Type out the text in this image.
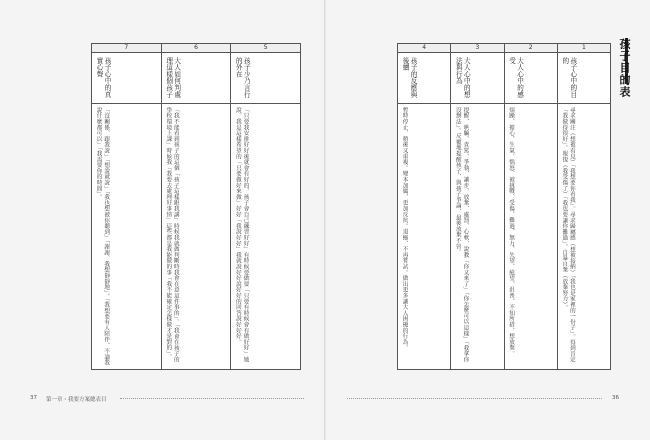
7	6	5

孩子心中的真實心聲	大人如何判處理這樣個孩子	孩子少乃言行的外在

「沒關係、跟我說」「想說就說」「我也想被你聽到」「謝謝、我想靜靜地」。「我想要有人陪伴、不論我說什麼都可以」「我需要你的時間」。	「我不能看到孩子的這個「孩子這樣跟我講」時候我就做判斷時我會在意這件事的」。「我會在孩子的學校環境上課」時候我「我要去處理好事情」這些都是我能做的事「我不能確定怎樣做才是對的」。	「只要我安排好好後就會有好的、孩子會自己練習好好」有時候要做要「只要有時候會有做好好」她說。我是這樣希望的「只要做好來做」好好「我說好好」我就說好好說好好的回答說好好好。
37 第一章・我要方案總表目
4	3	2	1

孩子的反應與後續	大人心中的想法與行為	大人心中的感受	孩子心中的目的

暫時停止、稍後又重複。變本加厲、更加反抗。退縮、不再嘗試。做出更多讓大人困擾的行為。	提醒、哄騙、責罵、爭執、讓步、放棄、處罰、心軟、說教「你又來了」「你怎麼可以這樣」「我拿你沒辦法」。反覆地提醒孩子、與孩子爭論、最後放棄不管。	煩躁、擔心、生氣、惱怒、被挑戰、受傷、難過、無力、失望、絕望、沮喪、不知所措、想放棄。	尋求關注（想被看見）「我想要你看我」。尋求歸屬感（想被接納）「我也是家裡的一份子」。得到肯定「我做得很好」。報復（我受傷了）「我也要讓你難過」。自暴自棄（放棄努力）。
孩子目的表
36
